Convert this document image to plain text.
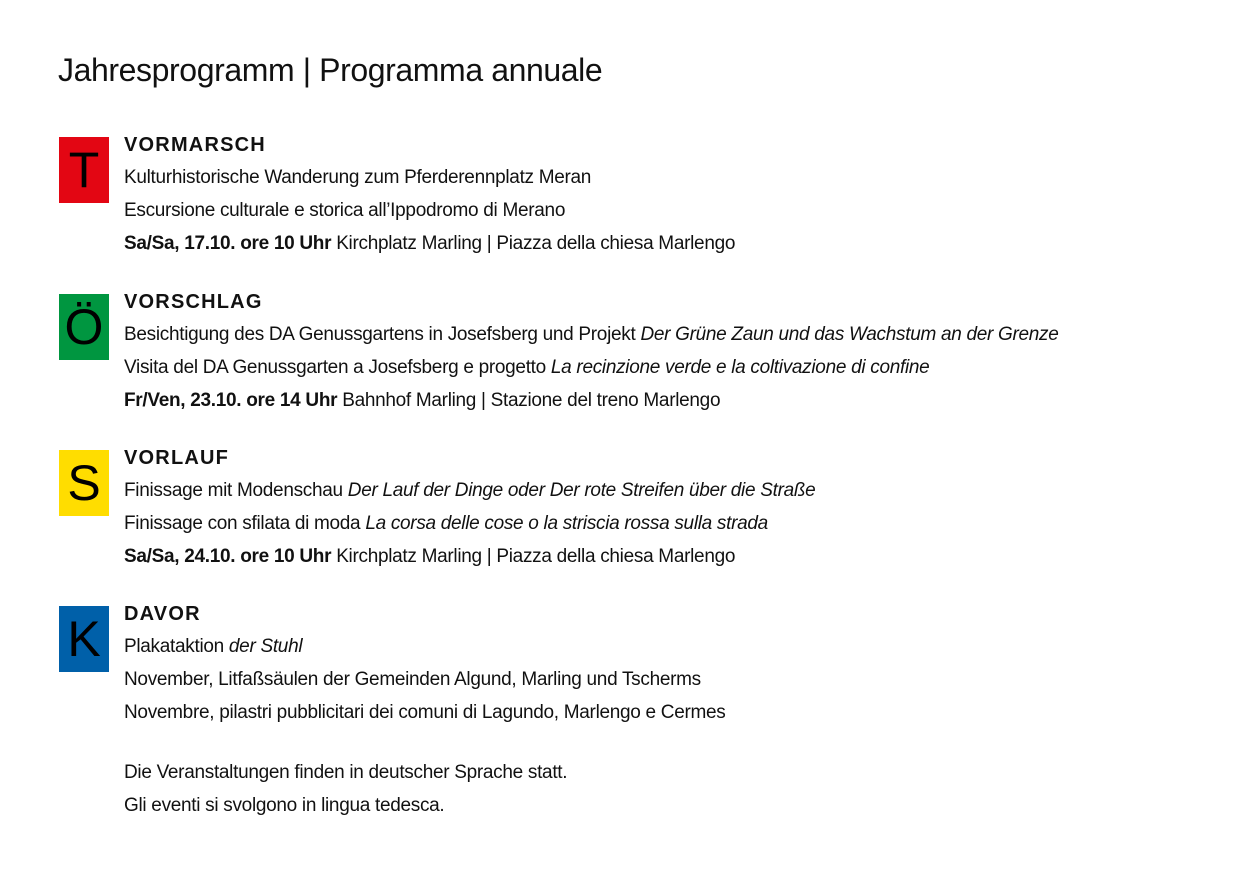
Jahresprogramm | Programma annuale
T	VORMARSCH
Kulturhistorische Wanderung zum Pferderennplatz Meran
Escursione culturale e storica all’Ippodromo di Merano
Sa/Sa, 17.10. ore 10 Uhr Kirchplatz Marling | Piazza della chiesa Marlengo
Ö VORSCHLAG
Besichtigung des DA Genussgartens in Josefsberg und Projekt Der Grüne Zaun und das Wachstum an der Grenze
Visita del DA Genussgarten a Josefsberg e progetto La recinzione verde e la coltivazione di confine
Fr/Ven, 23.10. ore 14 Uhr Bahnhof Marling | Stazione del treno Marlengo
S	VORLAUF
Finissage mit Modenschau Der Lauf der Dinge oder Der rote Streifen über die Straße
Finissage con sfilata di moda La corsa delle cose o la striscia rossa sulla strada
Sa/Sa, 24.10. ore 10 Uhr Kirchplatz Marling | Piazza della chiesa Marlengo
K	DAVOR
Plakataktion der Stuhl
November, Litfaßsäulen der Gemeinden Algund, Marling und Tscherms
Novembre, pilastri pubblicitari dei comuni di Lagundo, Marlengo e Cermes
Die Veranstaltungen finden in deutscher Sprache statt.
Gli eventi si svolgono in lingua tedesca.
